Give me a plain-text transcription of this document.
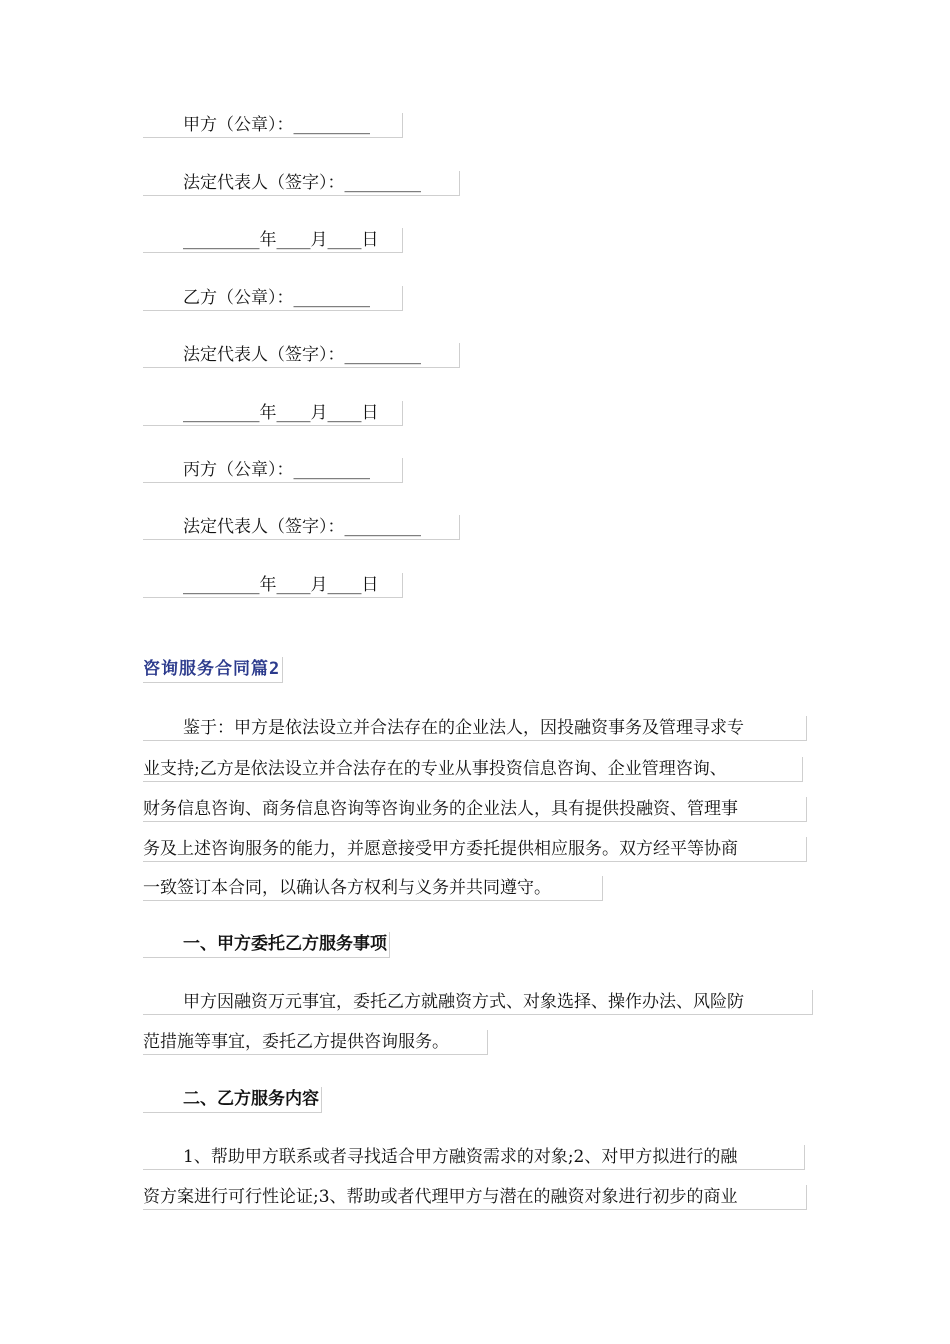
甲方（公章）：_________
法定代表人（签字）：_________
_________年____月____日
乙方（公章）：_________
法定代表人（签字）：_________
_________年____月____日
丙方（公章）：_________
法定代表人（签字）：_________
_________年____月____日
咨询服务合同篇2
鉴于：甲方是依法设立并合法存在的企业法人，因投融资事务及管理寻求专
业支持;乙方是依法设立并合法存在的专业从事投资信息咨询、企业管理咨询、
财务信息咨询、商务信息咨询等咨询业务的企业法人，具有提供投融资、管理事
务及上述咨询服务的能力，并愿意接受甲方委托提供相应服务。双方经平等协商
一致签订本合同，以确认各方权利与义务并共同遵守。
一、甲方委托乙方服务事项
甲方因融资万元事宜，委托乙方就融资方式、对象选择、操作办法、风险防
范措施等事宜，委托乙方提供咨询服务。
二、乙方服务内容
1、帮助甲方联系或者寻找适合甲方融资需求的对象;2、对甲方拟进行的融
资方案进行可行性论证;3、帮助或者代理甲方与潜在的融资对象进行初步的商业
